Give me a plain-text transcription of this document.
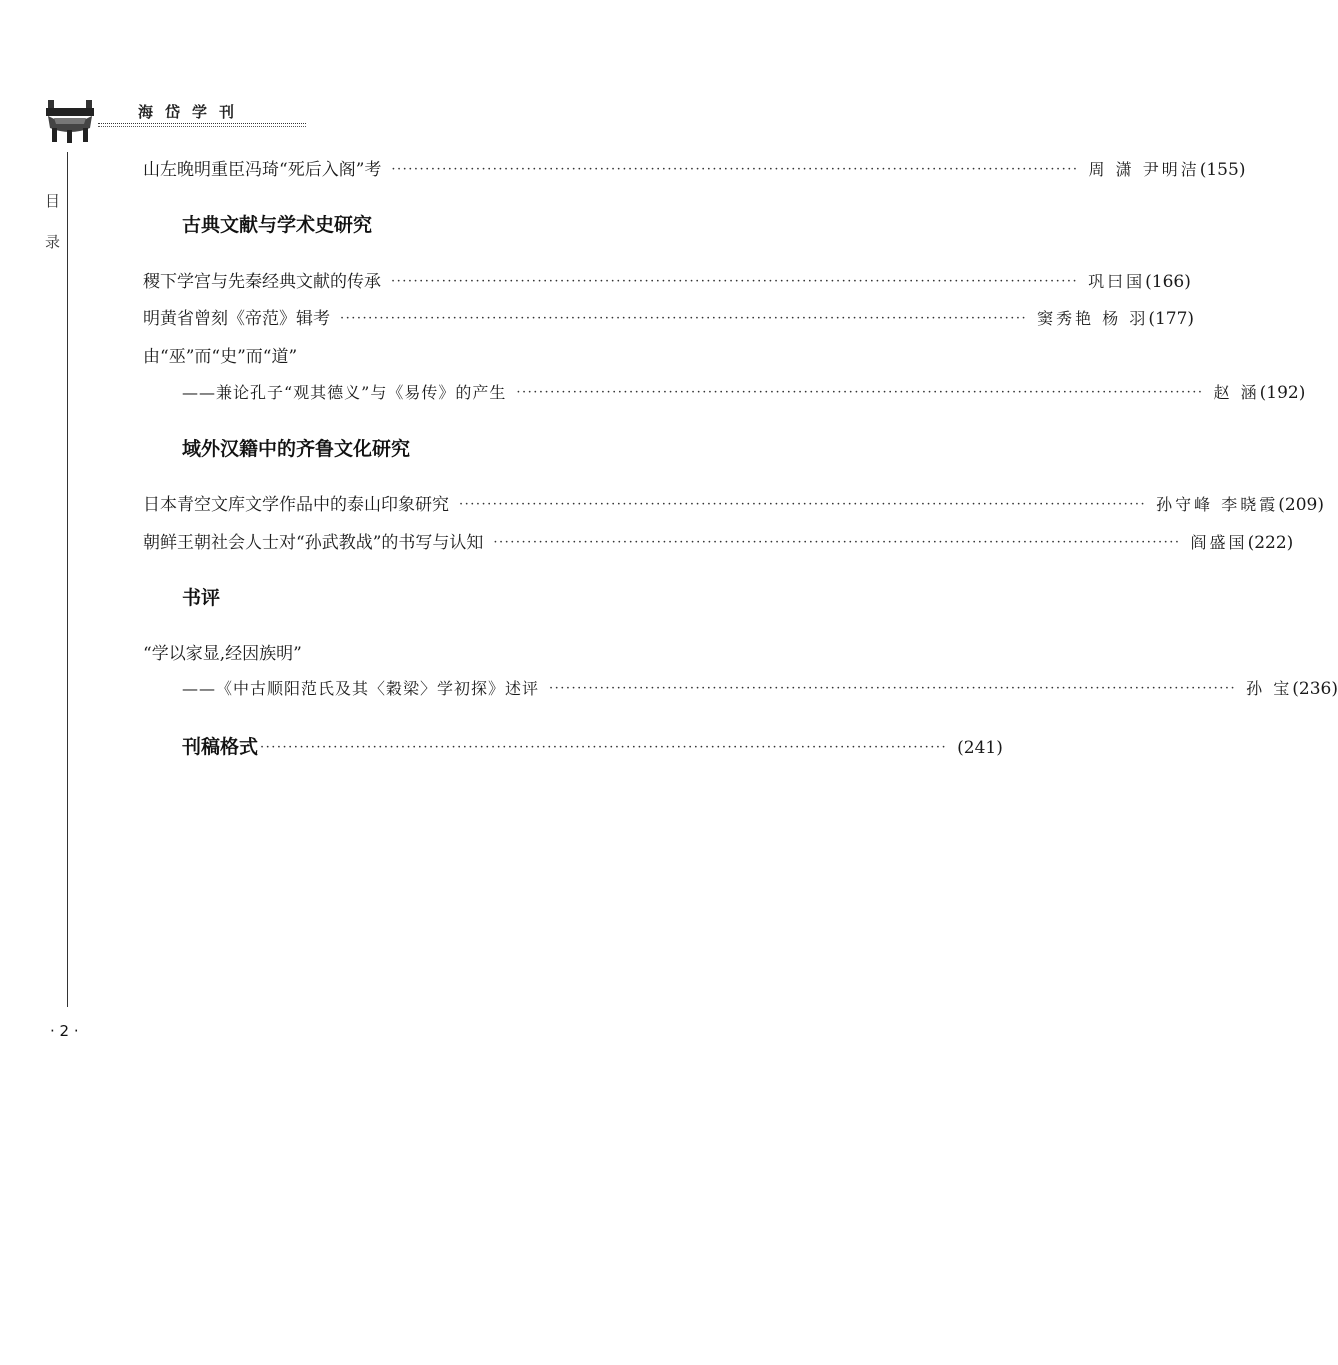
海岱学刊
目
录
· 2 ·
山左晚明重臣冯琦“死后入阁”考 ·························································································································· 周 潇 尹明洁 (155)
古典文献与学术史研究
稷下学宫与先秦经典文献的传承 ·························································································································· 巩曰国 (166)
明黄省曾刻《帝范》辑考 ·························································································································· 窦秀艳 杨 羽 (177)
由“巫”而“史”而“道”
——兼论孔子“观其德义”与《易传》的产生 ·························································································································· 赵 涵 (192)
域外汉籍中的齐鲁文化研究
日本青空文库文学作品中的泰山印象研究 ·························································································································· 孙守峰 李晓霞 (209)
朝鲜王朝社会人士对“孙武教战”的书写与认知 ·························································································································· 阎盛国 (222)
书评
“学以家显,经因族明”
——《中古顺阳范氏及其〈穀梁〉学初探》述评 ·························································································································· 孙 宝 (236)
刊稿格式 ·························································································································· (241)
